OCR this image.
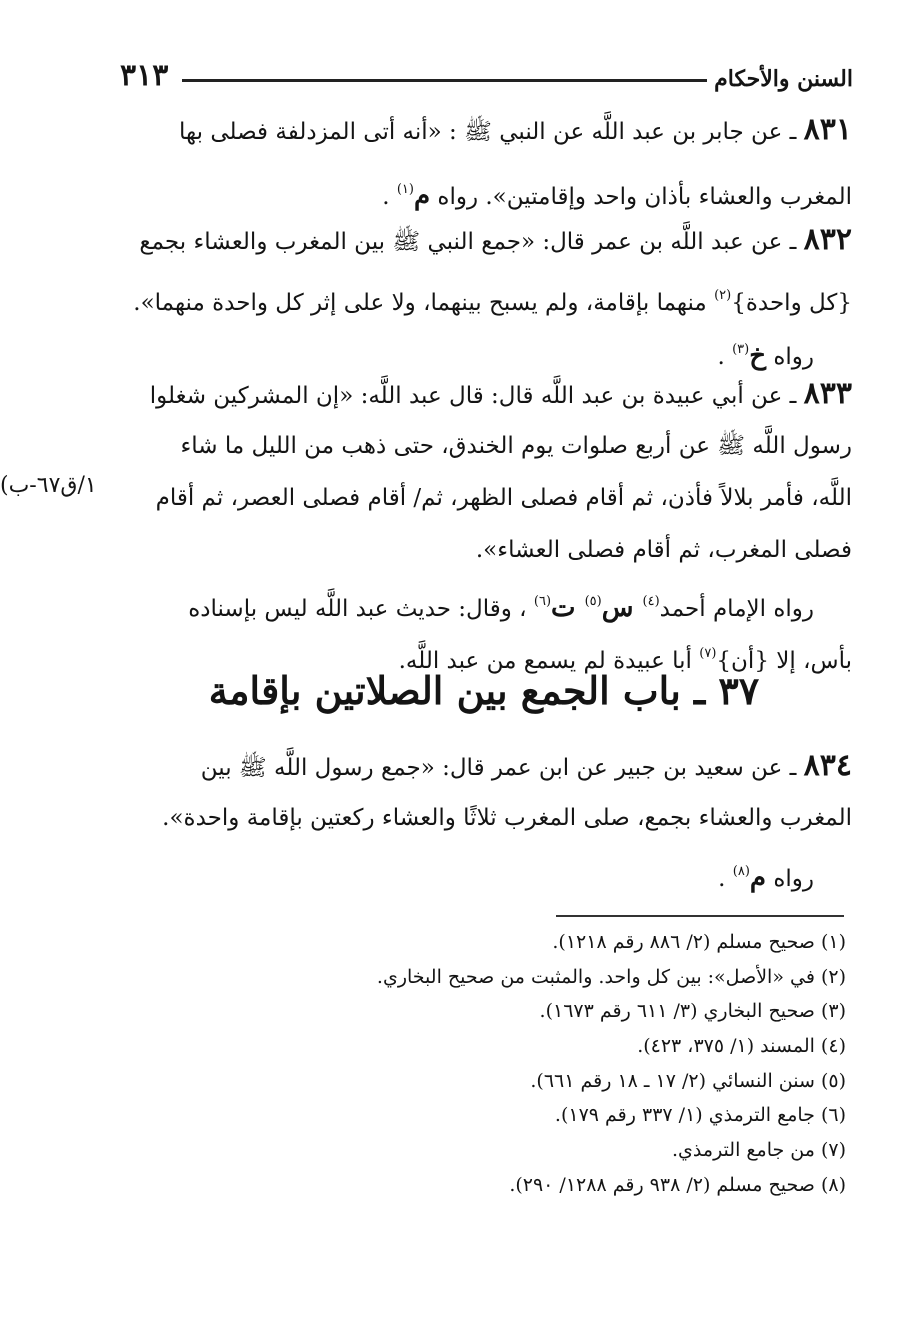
٣١٣	السنن والأحكام
٨٣١ ـ عن جابر بن عبد اللَّه عن النبي ﷺ : «أنه أتى المزدلفة فصلى بها
المغرب والعشاء بأذان واحد وإقامتين». رواه م$^{(١)}$ .
٨٣٢ ـ عن عبد اللَّه بن عمر قال: «جمع النبي ﷺ بين المغرب والعشاء بجمع
{كل واحدة}$^{(٢)}$ منهما بإقامة، ولم يسبح بينهما، ولا على إثر كل واحدة منهما».
رواه خ$^{(٣)}$ .
٨٣٣ ـ عن أبي عبيدة بن عبد اللَّه قال: قال عبد اللَّه: «إن المشركين شغلوا
رسول اللَّه ﷺ عن أربع صلوات يوم الخندق، حتى ذهب من الليل ما شاء
اللَّه، فأمر بلالاً فأذن، ثم أقام فصلى الظهر، ثم/ أقام فصلى العصر، ثم أقام
فصلى المغرب، ثم أقام فصلى العشاء».
رواه الإمام أحمد$^{(٤)}$ س$^{(٥)}$ ت$^{(٦)}$ ، وقال: حديث عبد اللَّه ليس بإسناده
بأس، إلا {أن}$^{(٧)}$ أبا عبيدة لم يسمع من عبد اللَّه.
(١/ق٦٧-ب
٣٧ ـ باب الجمع بين الصلاتين بإقامة
٨٣٤ ـ عن سعيد بن جبير عن ابن عمر قال: «جمع رسول اللَّه ﷺ بين
المغرب والعشاء بجمع، صلى المغرب ثلاثًا والعشاء ركعتين بإقامة واحدة».
رواه م$^{(٨)}$ .
(١) صحيح مسلم (٢/ ٨٨٦ رقم ١٢١٨).
(٢) في «الأصل»: بين كل واحد. والمثبت من صحيح البخاري.
(٣) صحيح البخاري (٣/ ٦١١ رقم ١٦٧٣).
(٤) المسند (١/ ٣٧٥، ٤٢٣).
(٥) سنن النسائي (٢/ ١٧ ـ ١٨ رقم ٦٦١).
(٦) جامع الترمذي (١/ ٣٣٧ رقم ١٧٩).
(٧) من جامع الترمذي.
(٨) صحيح مسلم (٢/ ٩٣٨ رقم ١٢٨٨/ ٢٩٠).
